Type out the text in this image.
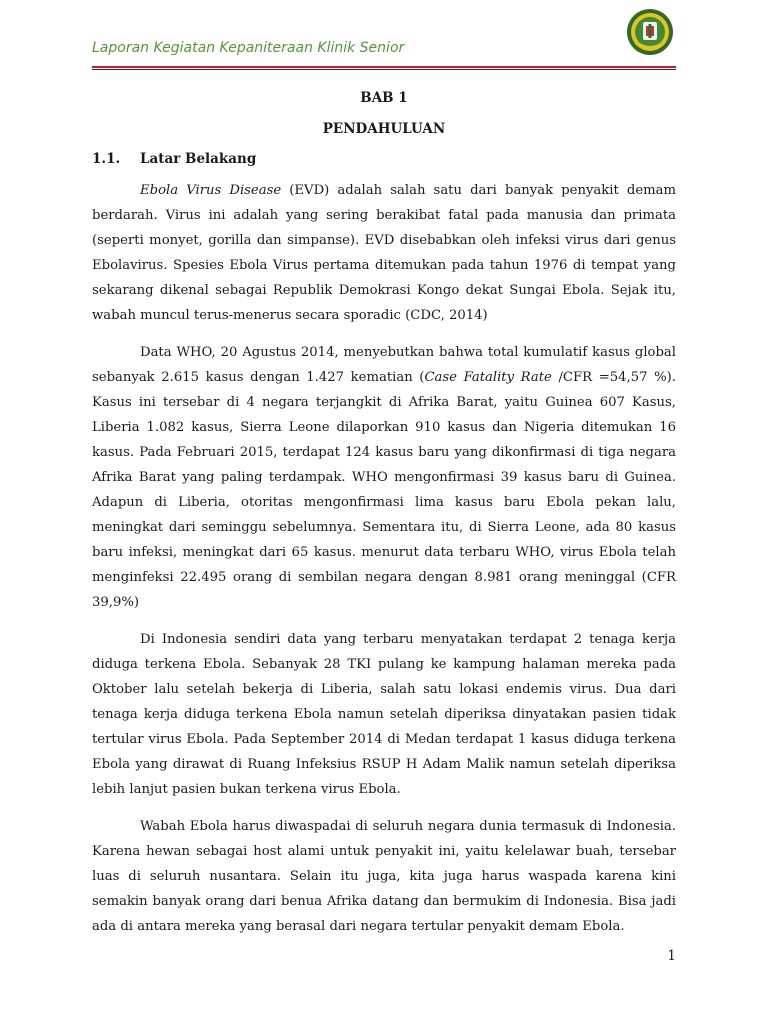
Laporan Kegiatan Kepaniteraan Klinik Senior
BAB 1
PENDAHULUAN
1.1. Latar Belakang

Ebola Virus Disease (EVD) adalah salah satu dari banyak penyakit demam berdarah. Virus ini adalah yang sering berakibat fatal pada manusia dan primata (seperti monyet, gorilla dan simpanse). EVD disebabkan oleh infeksi virus dari genus Ebolavirus. Spesies Ebola Virus pertama ditemukan pada tahun 1976 di tempat yang sekarang dikenal sebagai Republik Demokrasi Kongo dekat Sungai Ebola. Sejak itu, wabah muncul terus-menerus secara sporadic (CDC, 2014)

Data WHO, 20 Agustus 2014, menyebutkan bahwa total kumulatif kasus global sebanyak 2.615 kasus dengan 1.427 kematian (Case Fatality Rate /CFR =54,57 %). Kasus ini tersebar di 4 negara terjangkit di Afrika Barat, yaitu Guinea 607 Kasus, Liberia 1.082 kasus, Sierra Leone dilaporkan 910 kasus dan Nigeria ditemukan 16 kasus. Pada Februari 2015, terdapat 124 kasus baru yang dikonfirmasi di tiga negara Afrika Barat yang paling terdampak. WHO mengonfirmasi 39 kasus baru di Guinea. Adapun di Liberia, otoritas mengonfirmasi lima kasus baru Ebola pekan lalu, meningkat dari seminggu sebelumnya. Sementara itu, di Sierra Leone, ada 80 kasus baru infeksi, meningkat dari 65 kasus. menurut data terbaru WHO, virus Ebola telah menginfeksi 22.495 orang di sembilan negara dengan 8.981 orang meninggal (CFR 39,9%)

Di Indonesia sendiri data yang terbaru menyatakan terdapat 2 tenaga kerja diduga terkena Ebola. Sebanyak 28 TKI pulang ke kampung halaman mereka pada Oktober lalu setelah bekerja di Liberia, salah satu lokasi endemis virus. Dua dari tenaga kerja diduga terkena Ebola namun setelah diperiksa dinyatakan pasien tidak tertular virus Ebola. Pada September 2014 di Medan terdapat 1 kasus diduga terkena Ebola yang dirawat di Ruang Infeksius RSUP H Adam Malik namun setelah diperiksa lebih lanjut pasien bukan terkena virus Ebola.

Wabah Ebola harus diwaspadai di seluruh negara dunia termasuk di Indonesia. Karena hewan sebagai host alami untuk penyakit ini, yaitu kelelawar buah, tersebar luas di seluruh nusantara. Selain itu juga, kita juga harus waspada karena kini semakin banyak orang dari benua Afrika datang dan bermukim di Indonesia. Bisa jadi ada di antara mereka yang berasal dari negara tertular penyakit demam Ebola.

1
